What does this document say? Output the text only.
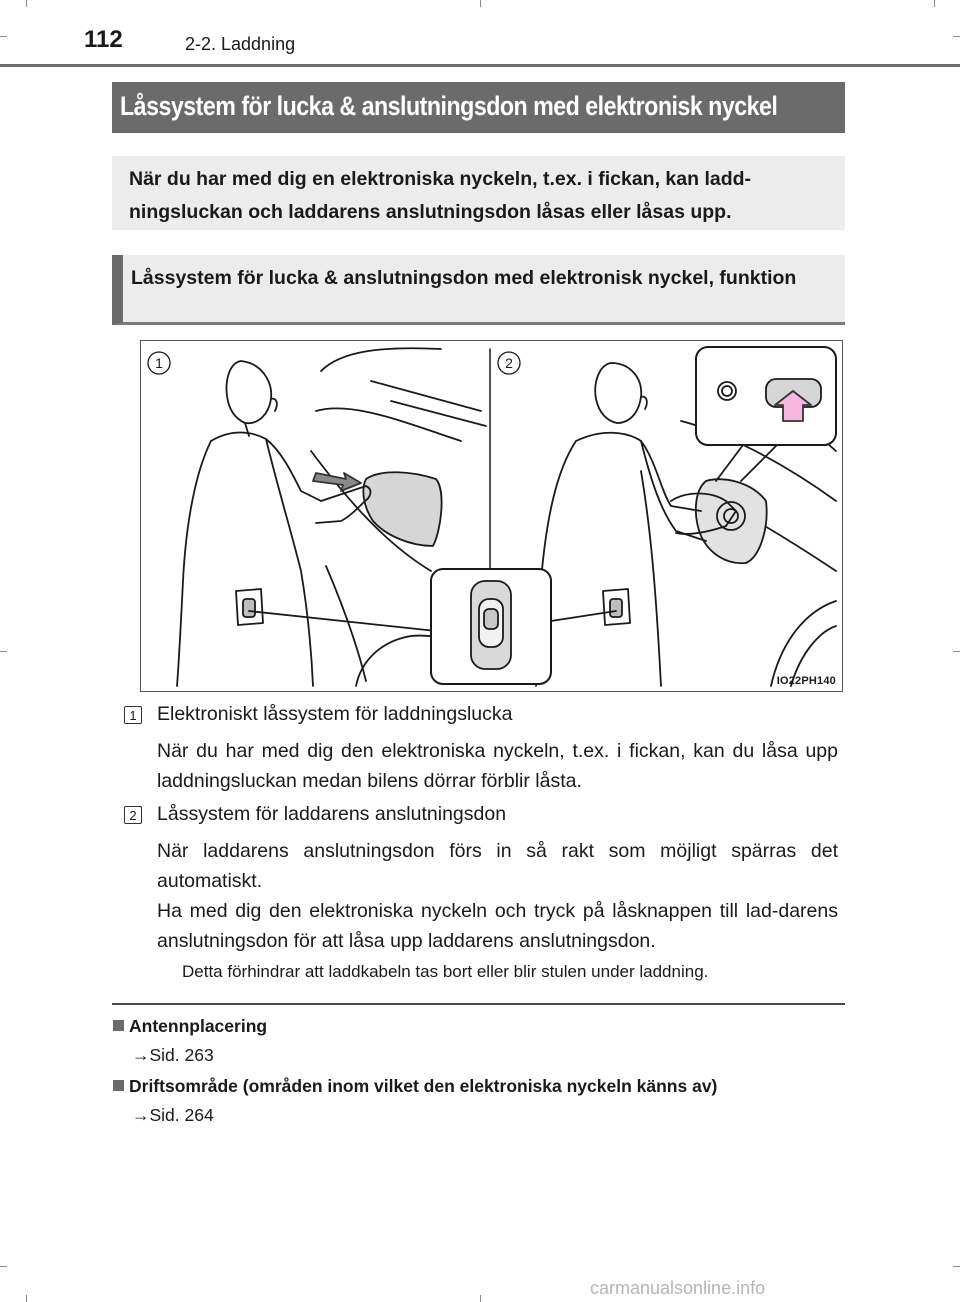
112	2-2. Laddning
Låssystem för lucka & anslutningsdon med elektronisk nyckel
När du har med dig en elektroniska nyckeln, t.ex. i fickan, kan ladd-ningsluckan och laddarens anslutningsdon låsas eller låsas upp.
Låssystem för lucka & anslutningsdon med elektronisk nyckel, funktion
1	2
IO22PH140
1 Elektroniskt låssystem för laddningslucka
När du har med dig den elektroniska nyckeln, t.ex. i fickan, kan du låsa upp laddningsluckan medan bilens dörrar förblir låsta.
2 Låssystem för laddarens anslutningsdon
När laddarens anslutningsdon förs in så rakt som möjligt spärras det automatiskt.
Ha med dig den elektroniska nyckeln och tryck på låsknappen till lad-darens anslutningsdon för att låsa upp laddarens anslutningsdon.
Detta förhindrar att laddkabeln tas bort eller blir stulen under laddning.
Antennplacering
→Sid. 263
Driftsområde (områden inom vilket den elektroniska nyckeln känns av)
→Sid. 264
carmanualsonline.info
